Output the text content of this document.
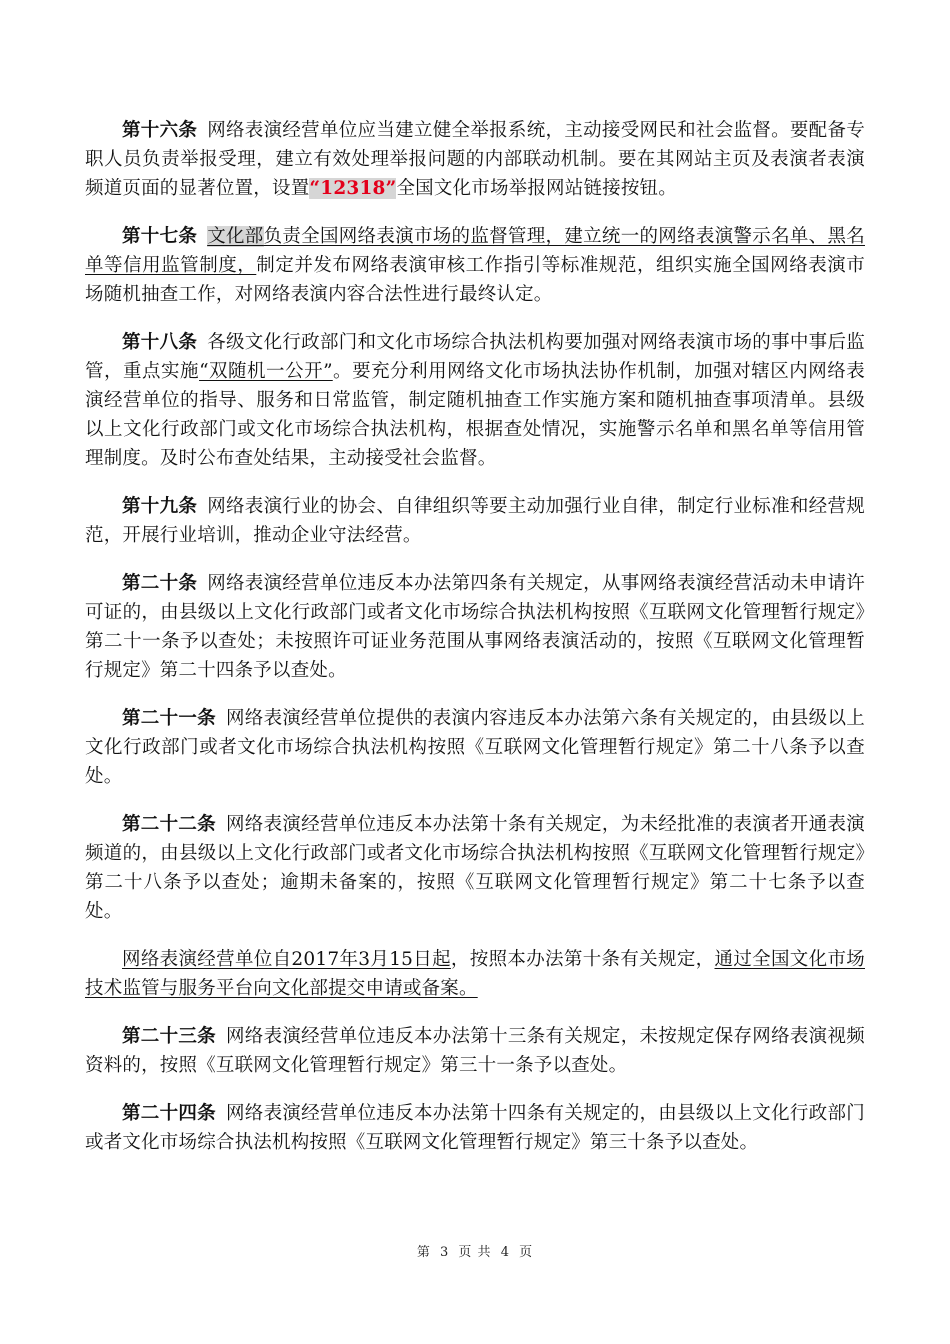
第十六条 网络表演经营单位应当建立健全举报系统，主动接受网民和社会监督。要配备专职人员负责举报受理，建立有效处理举报问题的内部联动机制。要在其网站主页及表演者表演频道页面的显著位置，设置“12318”全国文化市场举报网站链接按钮。

第十七条 文化部负责全国网络表演市场的监督管理，建立统一的网络表演警示名单、黑名单等信用监管制度，制定并发布网络表演审核工作指引等标准规范，组织实施全国网络表演市场随机抽查工作，对网络表演内容合法性进行最终认定。

第十八条 各级文化行政部门和文化市场综合执法机构要加强对网络表演市场的事中事后监管，重点实施“双随机一公开”。要充分利用网络文化市场执法协作机制，加强对辖区内网络表演经营单位的指导、服务和日常监管，制定随机抽查工作实施方案和随机抽查事项清单。县级以上文化行政部门或文化市场综合执法机构，根据查处情况，实施警示名单和黑名单等信用管理制度。及时公布查处结果，主动接受社会监督。

第十九条 网络表演行业的协会、自律组织等要主动加强行业自律，制定行业标准和经营规范，开展行业培训，推动企业守法经营。

第二十条 网络表演经营单位违反本办法第四条有关规定，从事网络表演经营活动未申请许可证的，由县级以上文化行政部门或者文化市场综合执法机构按照《互联网文化管理暂行规定》第二十一条予以查处；未按照许可证业务范围从事网络表演活动的，按照《互联网文化管理暂行规定》第二十四条予以查处。

第二十一条 网络表演经营单位提供的表演内容违反本办法第六条有关规定的，由县级以上文化行政部门或者文化市场综合执法机构按照《互联网文化管理暂行规定》第二十八条予以查处。

第二十二条 网络表演经营单位违反本办法第十条有关规定，为未经批准的表演者开通表演频道的，由县级以上文化行政部门或者文化市场综合执法机构按照《互联网文化管理暂行规定》第二十八条予以查处；逾期未备案的，按照《互联网文化管理暂行规定》第二十七条予以查处。

网络表演经营单位自2017年3月15日起，按照本办法第十条有关规定，通过全国文化市场技术监管与服务平台向文化部提交申请或备案。

第二十三条 网络表演经营单位违反本办法第十三条有关规定，未按规定保存网络表演视频资料的，按照《互联网文化管理暂行规定》第三十一条予以查处。

第二十四条 网络表演经营单位违反本办法第十四条有关规定的，由县级以上文化行政部门或者文化市场综合执法机构按照《互联网文化管理暂行规定》第三十条予以查处。

第 3 页 共 4 页
